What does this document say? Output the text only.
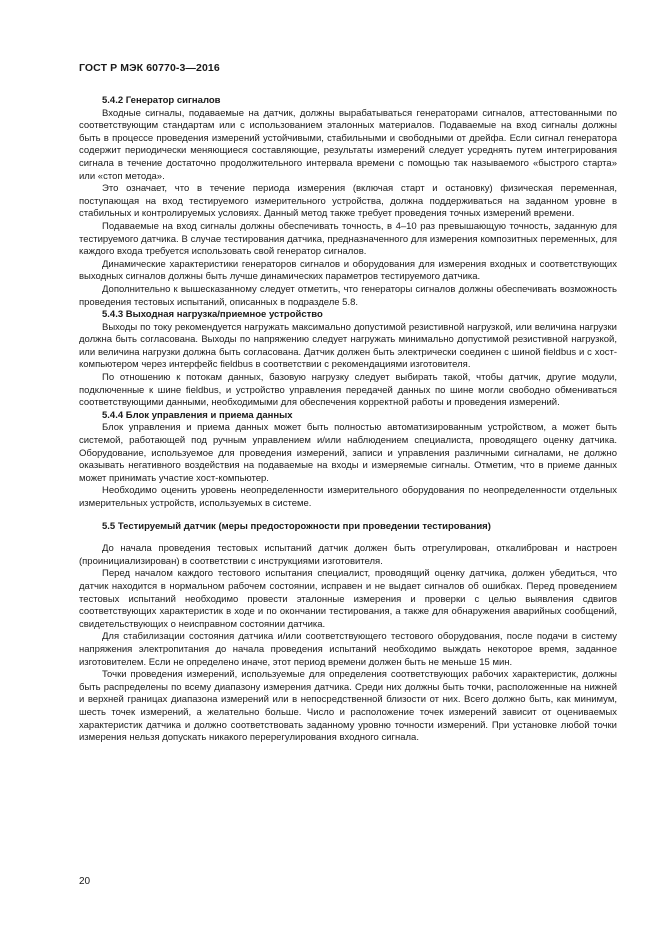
ГОСТ Р МЭК 60770-3—2016
5.4.2 Генератор сигналов

Входные сигналы, подаваемые на датчик, должны вырабатываться генераторами сигналов, аттестованными по соответствующим стандартам или с использованием эталонных материалов. Подаваемые на вход сигналы должны быть в процессе проведения измерений устойчивыми, стабильными и свободными от дрейфа. Если сигнал генератора содержит периодически меняющиеся составляющие, результаты измерений следует усреднять путем интегрирования сигнала в течение достаточно продолжительного интервала времени с помощью так называемого «быстрого старта» или «стоп метода».

Это означает, что в течение периода измерения (включая старт и остановку) физическая переменная, поступающая на вход тестируемого измерительного устройства, должна поддерживаться на заданном уровне в стабильных и контролируемых условиях. Данный метод также требует проведения точных измерений времени.

Подаваемые на вход сигналы должны обеспечивать точность, в 4–10 раз превышающую точность, заданную для тестируемого датчика. В случае тестирования датчика, предназначенного для измерения композитных переменных, для каждого входа требуется использовать свой генератор сигналов.

Динамические характеристики генераторов сигналов и оборудования для измерения входных и соответствующих выходных сигналов должны быть лучше динамических параметров тестируемого датчика.

Дополнительно к вышесказанному следует отметить, что генераторы сигналов должны обеспечивать возможность проведения тестовых испытаний, описанных в подразделе 5.8.

5.4.3 Выходная нагрузка/приемное устройство

Выходы по току рекомендуется нагружать максимально допустимой резистивной нагрузкой, или величина нагрузки должна быть согласована. Выходы по напряжению следует нагружать минимально допустимой резистивной нагрузкой, или величина нагрузки должна быть согласована. Датчик должен быть электрически соединен с шиной fieldbus и с хост-компьютером через интерфейс fieldbus в соответствии с рекомендациями изготовителя.

По отношению к потокам данных, базовую нагрузку следует выбирать такой, чтобы датчик, другие модули, подключенные к шине fieldbus, и устройство управления передачей данных по шине могли свободно обмениваться соответствующими данными, необходимыми для обеспечения корректной работы и проведения измерений.

5.4.4 Блок управления и приема данных

Блок управления и приема данных может быть полностью автоматизированным устройством, а может быть системой, работающей под ручным управлением и/или наблюдением специалиста, проводящего оценку датчика. Оборудование, используемое для проведения измерений, записи и управления различными сигналами, не должно оказывать негативного воздействия на подаваемые на входы и измеряемые сигналы. Отметим, что в приеме данных может принимать участие хост-компьютер.

Необходимо оценить уровень неопределенности измерительного оборудования по неопределенности отдельных измерительных устройств, используемых в системе.

5.5 Тестируемый датчик (меры предосторожности при проведении тестирования)

До начала проведения тестовых испытаний датчик должен быть отрегулирован, откалиброван и настроен (проинициализирован) в соответствии с инструкциями изготовителя.

Перед началом каждого тестового испытания специалист, проводящий оценку датчика, должен убедиться, что датчик находится в нормальном рабочем состоянии, исправен и не выдает сигналов об ошибках. Перед проведением тестовых испытаний необходимо провести эталонные измерения и проверки с целью выявления сдвигов соответствующих характеристик в ходе и по окончании тестирования, а также для обнаружения аварийных сообщений, свидетельствующих о неисправном состоянии датчика.

Для стабилизации состояния датчика и/или соответствующего тестового оборудования, после подачи в систему напряжения электропитания до начала проведения испытаний необходимо выждать некоторое время, заданное изготовителем. Если не определено иначе, этот период времени должен быть не меньше 15 мин.

Точки проведения измерений, используемые для определения соответствующих рабочих характеристик, должны быть распределены по всему диапазону измерения датчика. Среди них должны быть точки, расположенные на нижней и верхней границах диапазона измерений или в непосредственной близости от них. Всего должно быть, как минимум, шесть точек измерений, а желательно больше. Число и расположение точек измерений зависит от оцениваемых характеристик датчика и должно соответствовать заданному уровню точности измерений. При установке любой точки измерения нельзя допускать никакого перерегулирования входного сигнала.

20
